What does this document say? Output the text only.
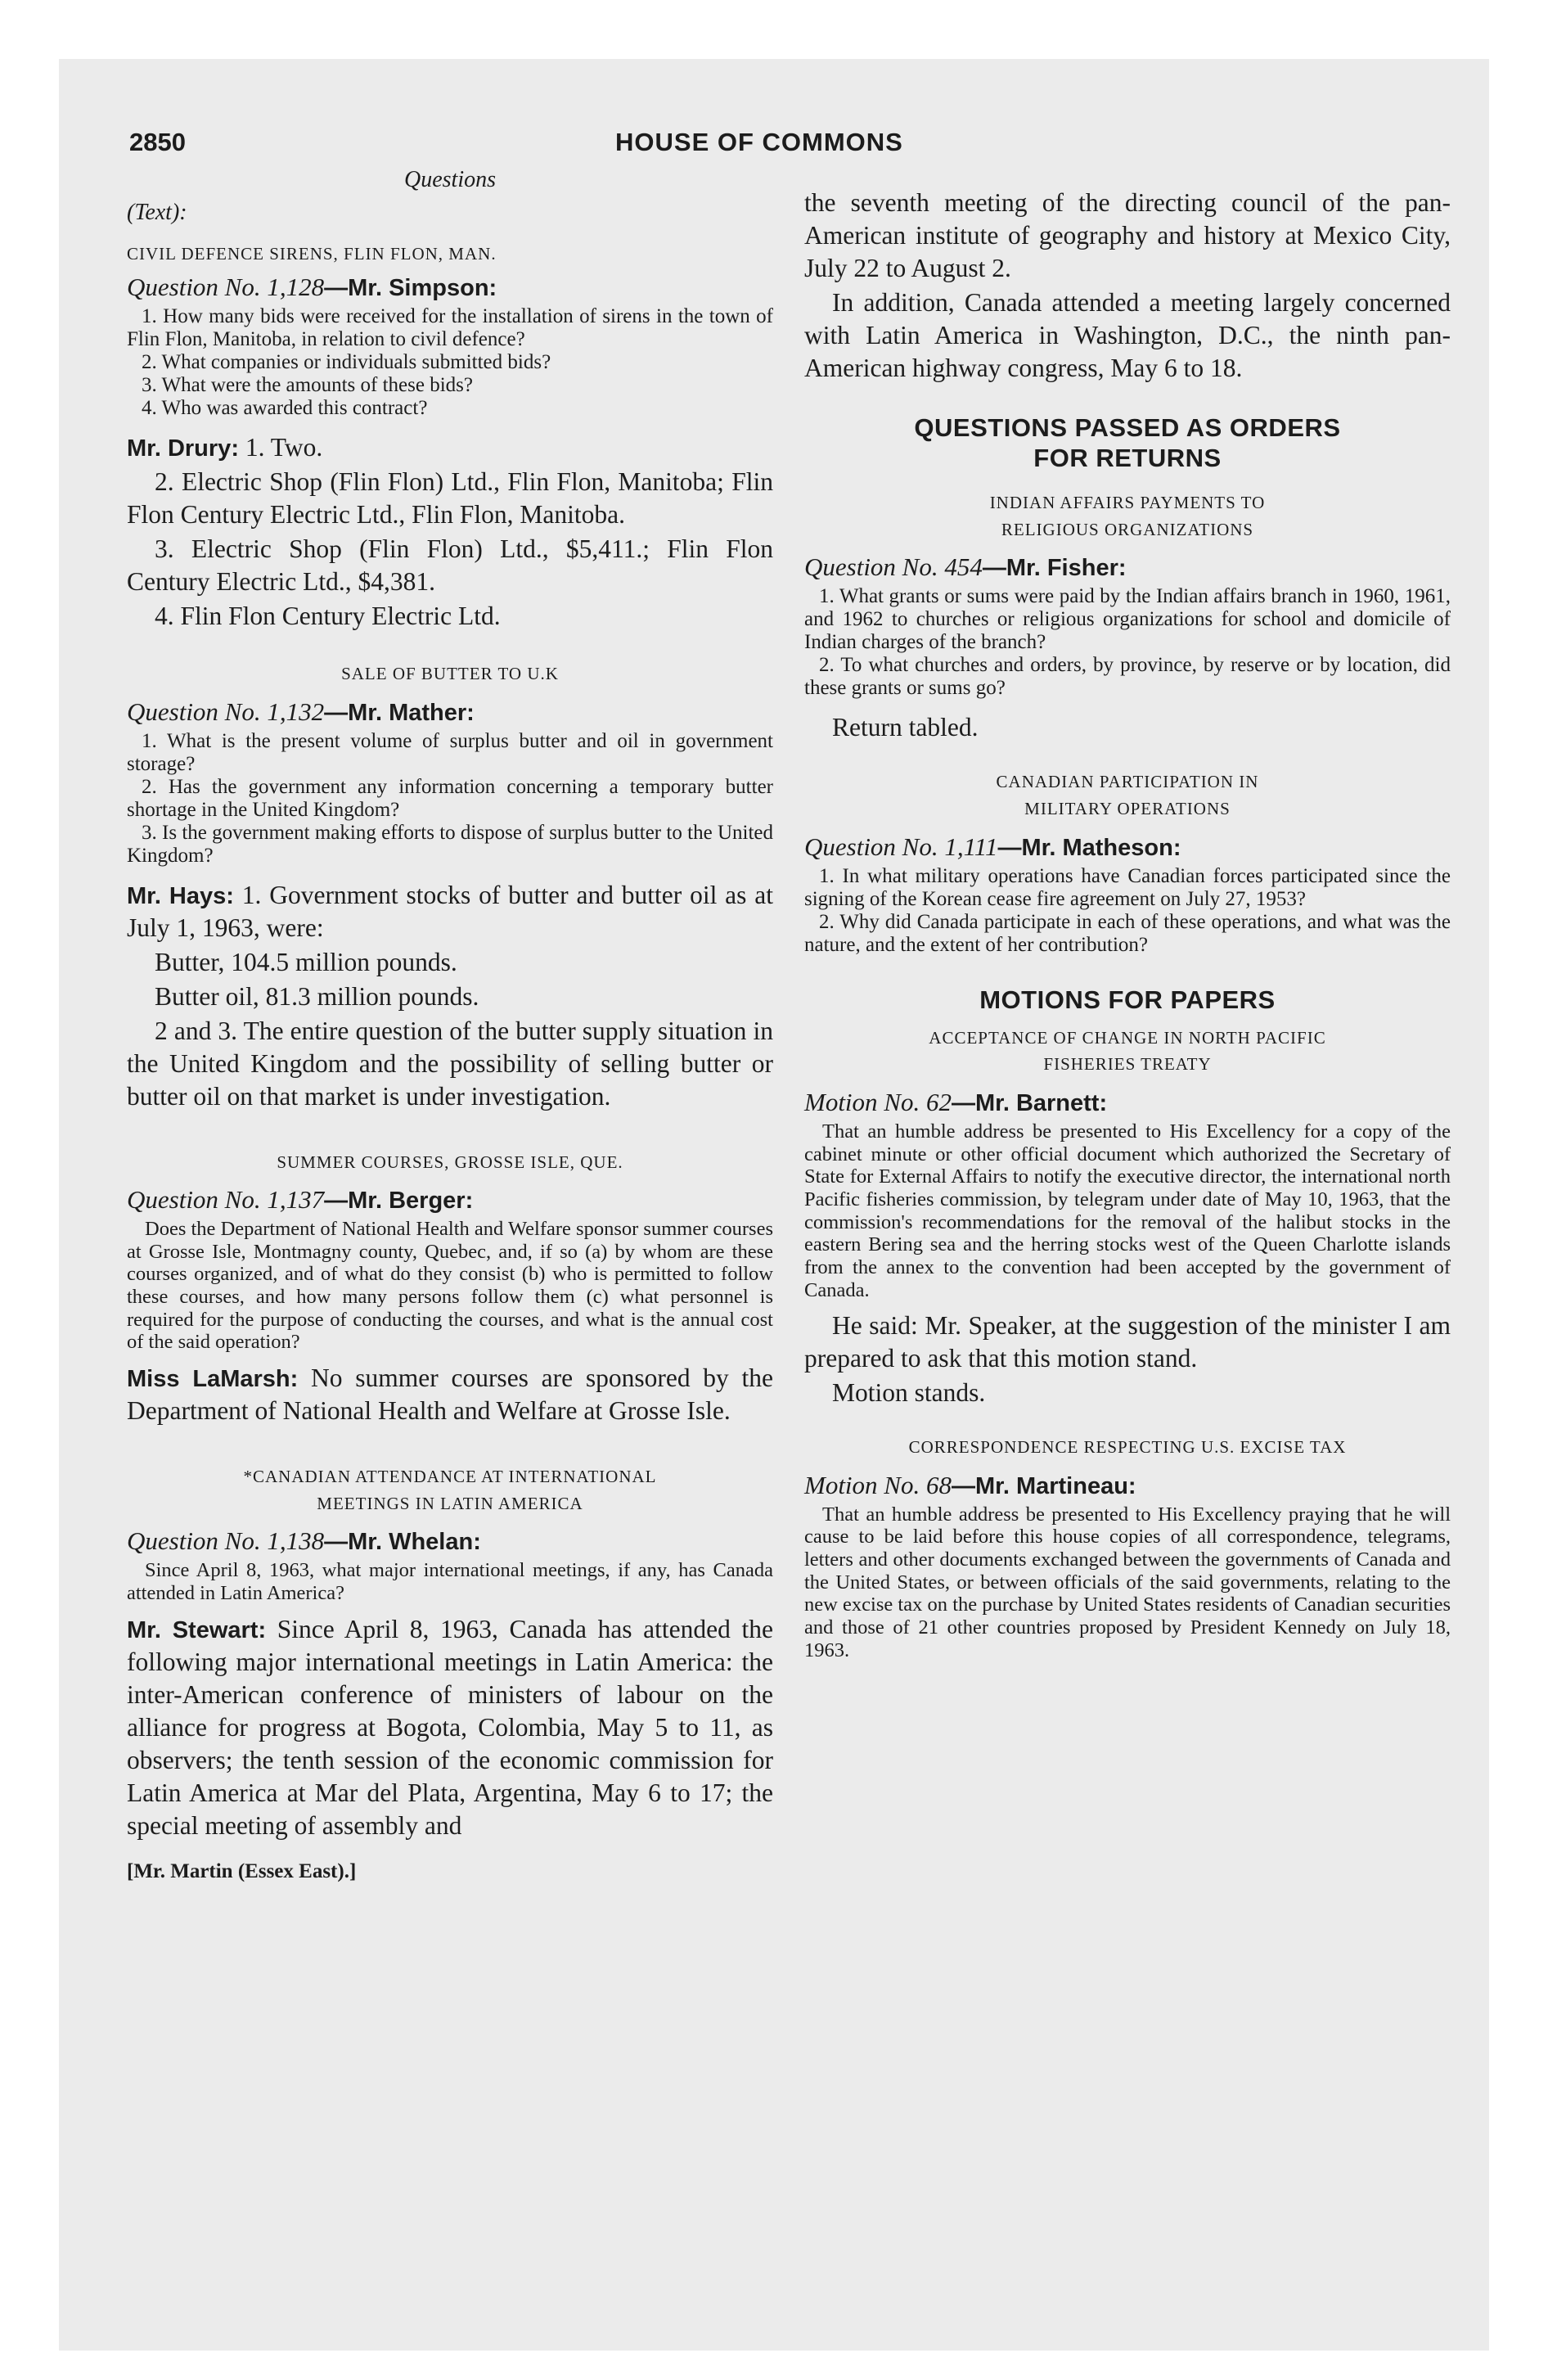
2850	HOUSE OF COMMONS
Questions
(Text):
CIVIL DEFENCE SIRENS, FLIN FLON, MAN.
Question No. 1,128—Mr. Simpson:

1. How many bids were received for the installation of sirens in the town of Flin Flon, Manitoba, in relation to civil defence?

2. What companies or individuals submitted bids?

3. What were the amounts of these bids?

4. Who was awarded this contract?

Mr. Drury: 1. Two.

2. Electric Shop (Flin Flon) Ltd., Flin Flon, Manitoba; Flin Flon Century Electric Ltd., Flin Flon, Manitoba.

3. Electric Shop (Flin Flon) Ltd., $5,411.; Flin Flon Century Electric Ltd., $4,381.

4. Flin Flon Century Electric Ltd.

SALE OF BUTTER TO U.K
Question No. 1,132—Mr. Mather:

1. What is the present volume of surplus butter and oil in government storage?

2. Has the government any information concerning a temporary butter shortage in the United Kingdom?

3. Is the government making efforts to dispose of surplus butter to the United Kingdom?

Mr. Hays: 1. Government stocks of butter and butter oil as at July 1, 1963, were:

Butter, 104.5 million pounds.

Butter oil, 81.3 million pounds.

2 and 3. The entire question of the butter supply situation in the United Kingdom and the possibility of selling butter or butter oil on that market is under investigation.

SUMMER COURSES, GROSSE ISLE, QUE.
Question No. 1,137—Mr. Berger:

Does the Department of National Health and Welfare sponsor summer courses at Grosse Isle, Montmagny county, Quebec, and, if so (a) by whom are these courses organized, and of what do they consist (b) who is permitted to follow these courses, and how many persons follow them (c) what personnel is required for the purpose of conducting the courses, and what is the annual cost of the said operation?

Miss LaMarsh: No summer courses are sponsored by the Department of National Health and Welfare at Grosse Isle.

*CANADIAN ATTENDANCE AT INTERNATIONAL
MEETINGS IN LATIN AMERICA
Question No. 1,138—Mr. Whelan:

Since April 8, 1963, what major international meetings, if any, has Canada attended in Latin America?

Mr. Stewart: Since April 8, 1963, Canada has attended the following major international meetings in Latin America: the inter-American conference of ministers of labour on the alliance for progress at Bogota, Colombia, May 5 to 11, as observers; the tenth session of the economic commission for Latin America at Mar del Plata, Argentina, May 6 to 17; the special meeting of assembly and

[Mr. Martin (Essex East).]

the seventh meeting of the directing council of the pan-American institute of geography and history at Mexico City, July 22 to August 2.

In addition, Canada attended a meeting largely concerned with Latin America in Washington, D.C., the ninth pan-American highway congress, May 6 to 18.

QUESTIONS PASSED AS ORDERS
FOR RETURNS
INDIAN AFFAIRS PAYMENTS TO
RELIGIOUS ORGANIZATIONS
Question No. 454—Mr. Fisher:

1. What grants or sums were paid by the Indian affairs branch in 1960, 1961, and 1962 to churches or religious organizations for school and domicile of Indian charges of the branch?

2. To what churches and orders, by province, by reserve or by location, did these grants or sums go?

Return tabled.

CANADIAN PARTICIPATION IN
MILITARY OPERATIONS
Question No. 1,111—Mr. Matheson:

1. In what military operations have Canadian forces participated since the signing of the Korean cease fire agreement on July 27, 1953?

2. Why did Canada participate in each of these operations, and what was the nature, and the extent of her contribution?

MOTIONS FOR PAPERS
ACCEPTANCE OF CHANGE IN NORTH PACIFIC
FISHERIES TREATY
Motion No. 62—Mr. Barnett:

That an humble address be presented to His Excellency for a copy of the cabinet minute or other official document which authorized the Secretary of State for External Affairs to notify the executive director, the international north Pacific fisheries commission, by telegram under date of May 10, 1963, that the commission's recommendations for the removal of the halibut stocks in the eastern Bering sea and the herring stocks west of the Queen Charlotte islands from the annex to the convention had been accepted by the government of Canada.

He said: Mr. Speaker, at the suggestion of the minister I am prepared to ask that this motion stand.

Motion stands.

CORRESPONDENCE RESPECTING U.S. EXCISE TAX
Motion No. 68—Mr. Martineau:

That an humble address be presented to His Excellency praying that he will cause to be laid before this house copies of all correspondence, telegrams, letters and other documents exchanged between the governments of Canada and the United States, or between officials of the said governments, relating to the new excise tax on the purchase by United States residents of Canadian securities and those of 21 other countries proposed by President Kennedy on July 18, 1963.
